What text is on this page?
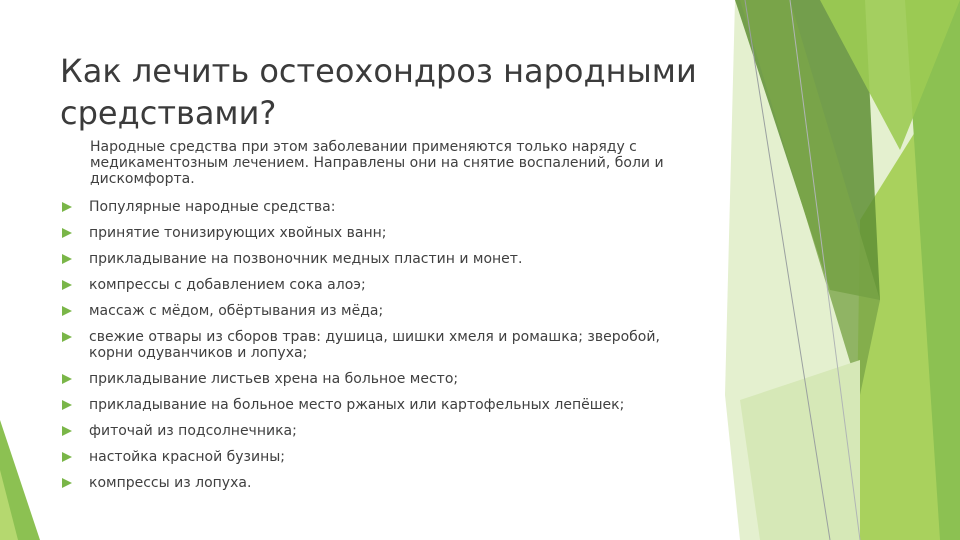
Как лечить остеохондроз народными средствами?

Народные средства при этом заболевании применяются только наряду с медикаментозным лечением. Направлены они на снятие воспалений, боли и дискомфорта.

Популярные народные средства:
принятие тонизирующих хвойных ванн;
прикладывание на позвоночник медных пластин и монет.
компрессы с добавлением сока алоэ;
массаж с мёдом, обёртывания из мёда;
свежие отвары из сборов трав: душица, шишки хмеля и ромашка; зверобой, корни одуванчиков и лопуха;
прикладывание листьев хрена на больное место;
прикладывание на больное место ржаных или картофельных лепёшек;
фиточай из подсолнечника;
настойка красной бузины;
компрессы из лопуха.
